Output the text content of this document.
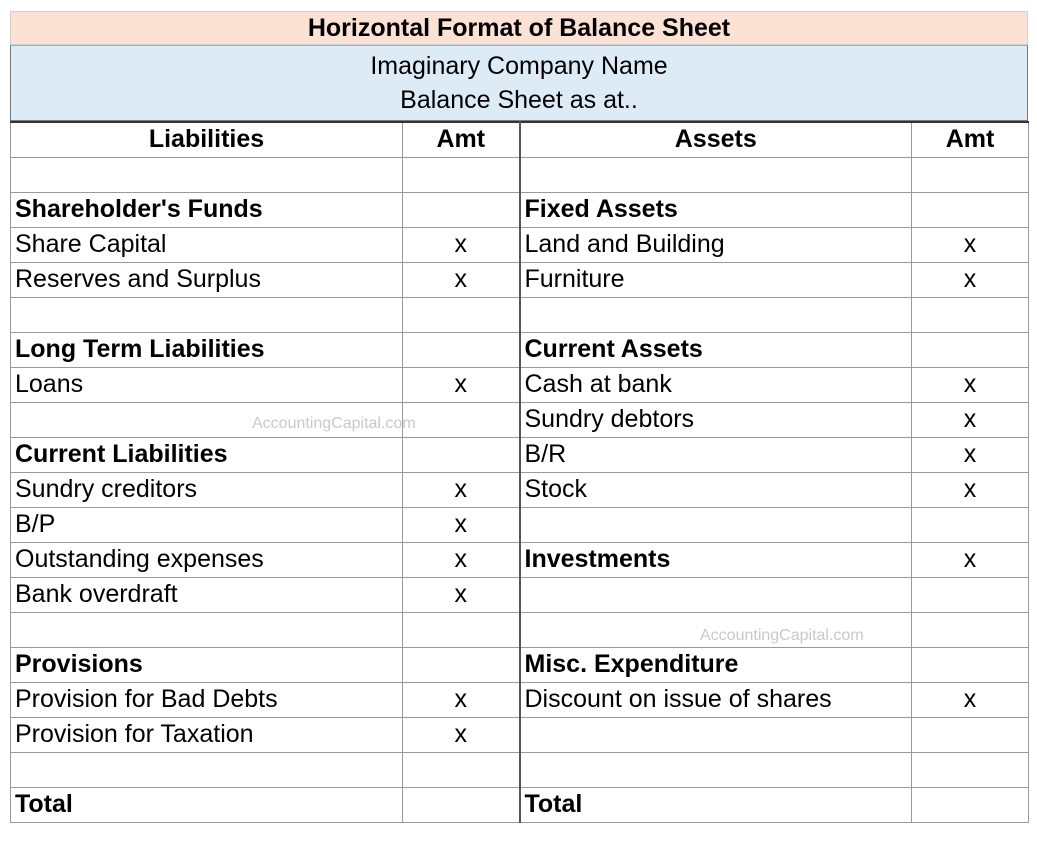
Horizontal Format of Balance Sheet
Imaginary Company Name
Balance Sheet as at..
Liabilities	Amt	Assets	Amt

Shareholder's Funds		Fixed Assets	
Share Capital	x	Land and Building	x
Reserves and Surplus	x	Furniture	x

Long Term Liabilities		Current Assets	
Loans	x	Cash at bank	x
		Sundry debtors	x
Current Liabilities		B/R	x
Sundry creditors	x	Stock	x
B/P	x		
Outstanding expenses	x	Investments	x
Bank overdraft	x		

Provisions		Misc. Expenditure	
Provision for Bad Debts	x	Discount on issue of shares	x
Provision for Taxation	x		

Total		Total	
AccountingCapital.com
AccountingCapital.com
